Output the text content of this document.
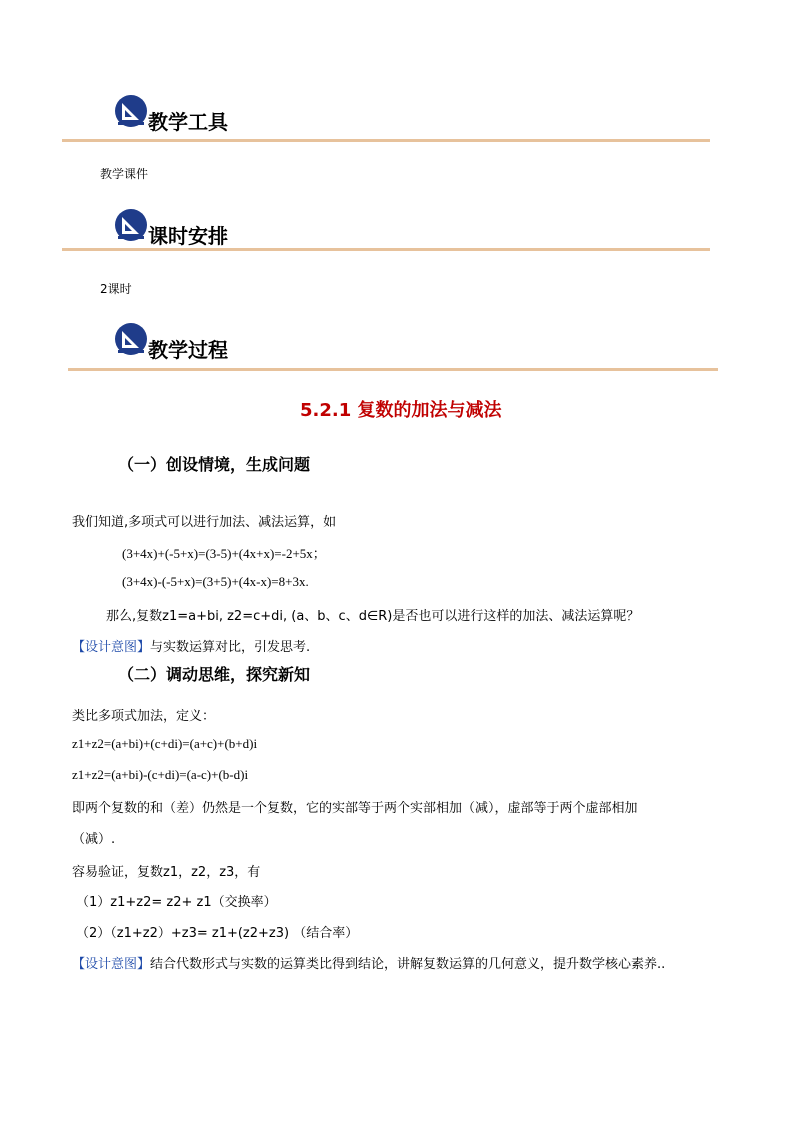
教学工具
教学课件
课时安排
2课时
教学过程
5.2.1 复数的加法与减法
（一）创设情境，生成问题
我们知道,多项式可以进行加法、减法运算，如
(3+4x)+(-5+x)=(3-5)+(4x+x)=-2+5x；
(3+4x)-(-5+x)=(3+5)+(4x-x)=8+3x.
那么,复数z1=a+bi, z2=c+di, (a、b、c、d∈R)是否也可以进行这样的加法、减法运算呢？
【设计意图】与实数运算对比，引发思考.
（二）调动思维，探究新知
类比多项式加法，定义：
z1+z2=(a+bi)+(c+di)=(a+c)+(b+d)i
z1+z2=(a+bi)-(c+di)=(a-c)+(b-d)i
即两个复数的和（差）仍然是一个复数，它的实部等于两个实部相加（减），虚部等于两个虚部相加
（减）.
容易验证，复数z1，z2，z3，有
（1）z1+z2= z2+ z1（交换率）
（2）（z1+z2）+z3= z1+(z2+z3) （结合率）
【设计意图】结合代数形式与实数的运算类比得到结论，讲解复数运算的几何意义，提升数学核心素养..
